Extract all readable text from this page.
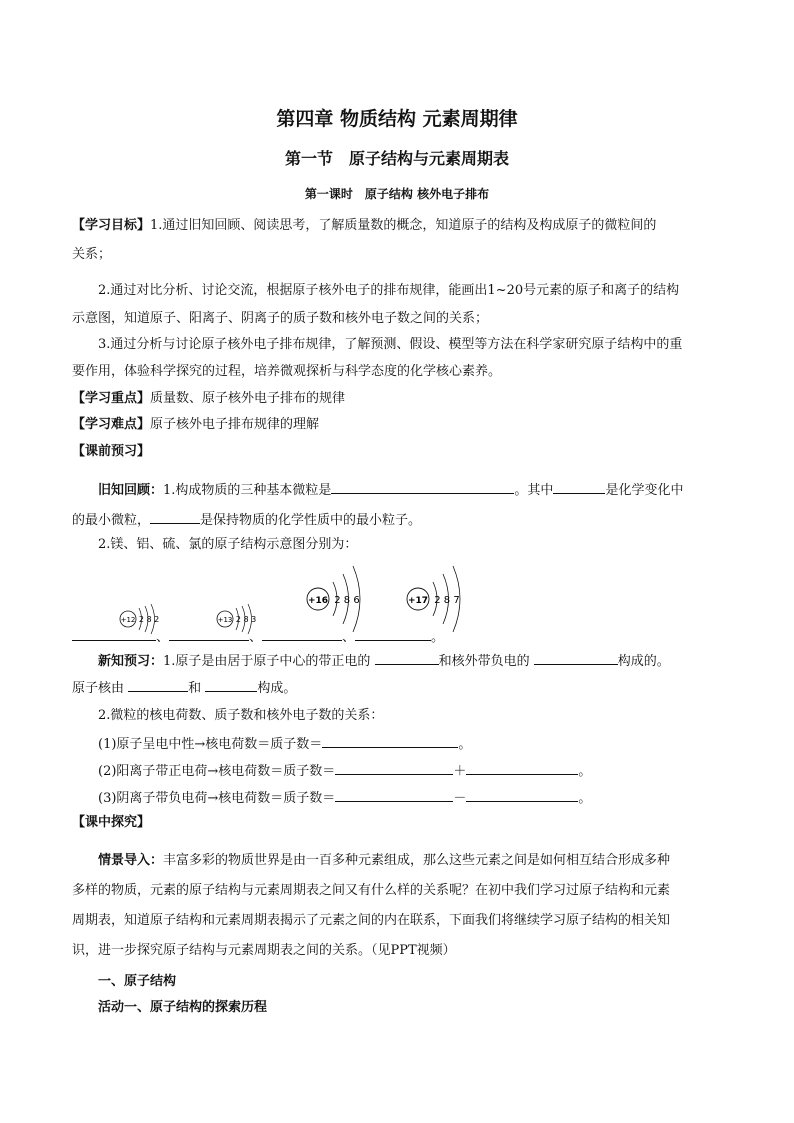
第四章 物质结构 元素周期律
第一节　原子结构与元素周期表
第一课时　原子结构 核外电子排布
【学习目标】1.通过旧知回顾、阅读思考，了解质量数的概念，知道原子的结构及构成原子的微粒间的
关系；
2.通过对比分析、讨论交流，根据原子核外电子的排布规律，能画出1~20号元素的原子和离子的结构
示意图，知道原子、阳离子、阴离子的质子数和核外电子数之间的关系；
3.通过分析与讨论原子核外电子排布规律，了解预测、假设、模型等方法在科学家研究原子结构中的重
要作用，体验科学探究的过程，培养微观探析与科学态度的化学核心素养。
【学习重点】质量数、原子核外电子排布的规律
【学习难点】原子核外电子排布规律的理解
【课前预习】
旧知回顾：1.构成物质的三种基本微粒是	。其中	是化学变化中
的最小微粒，	是保持物质的化学性质中的最小粒子。
2.镁、铝、硫、氯的原子结构示意图分别为：
+12 2 8 2	+13 2 8 3
+16 2 8 6	+17 2 8 7
、	、	、	。
新知预习：1.原子是由居于原子中心的带正电的	和核外带负电的	构成的。
原子核由	和	构成。
2.微粒的核电荷数、质子数和核外电子数的关系：
(1)原子呈电中性→核电荷数＝质子数＝	。
(2)阳离子带正电荷→核电荷数＝质子数＝	＋	。
(3)阴离子带负电荷→核电荷数＝质子数＝	－	。
【课中探究】
情景导入：丰富多彩的物质世界是由一百多种元素组成，那么这些元素之间是如何相互结合形成多种
多样的物质，元素的原子结构与元素周期表之间又有什么样的关系呢？在初中我们学习过原子结构和元素
周期表，知道原子结构和元素周期表揭示了元素之间的内在联系，下面我们将继续学习原子结构的相关知
识，进一步探究原子结构与元素周期表之间的关系。（见PPT视频）
一、原子结构
活动一、原子结构的探索历程
